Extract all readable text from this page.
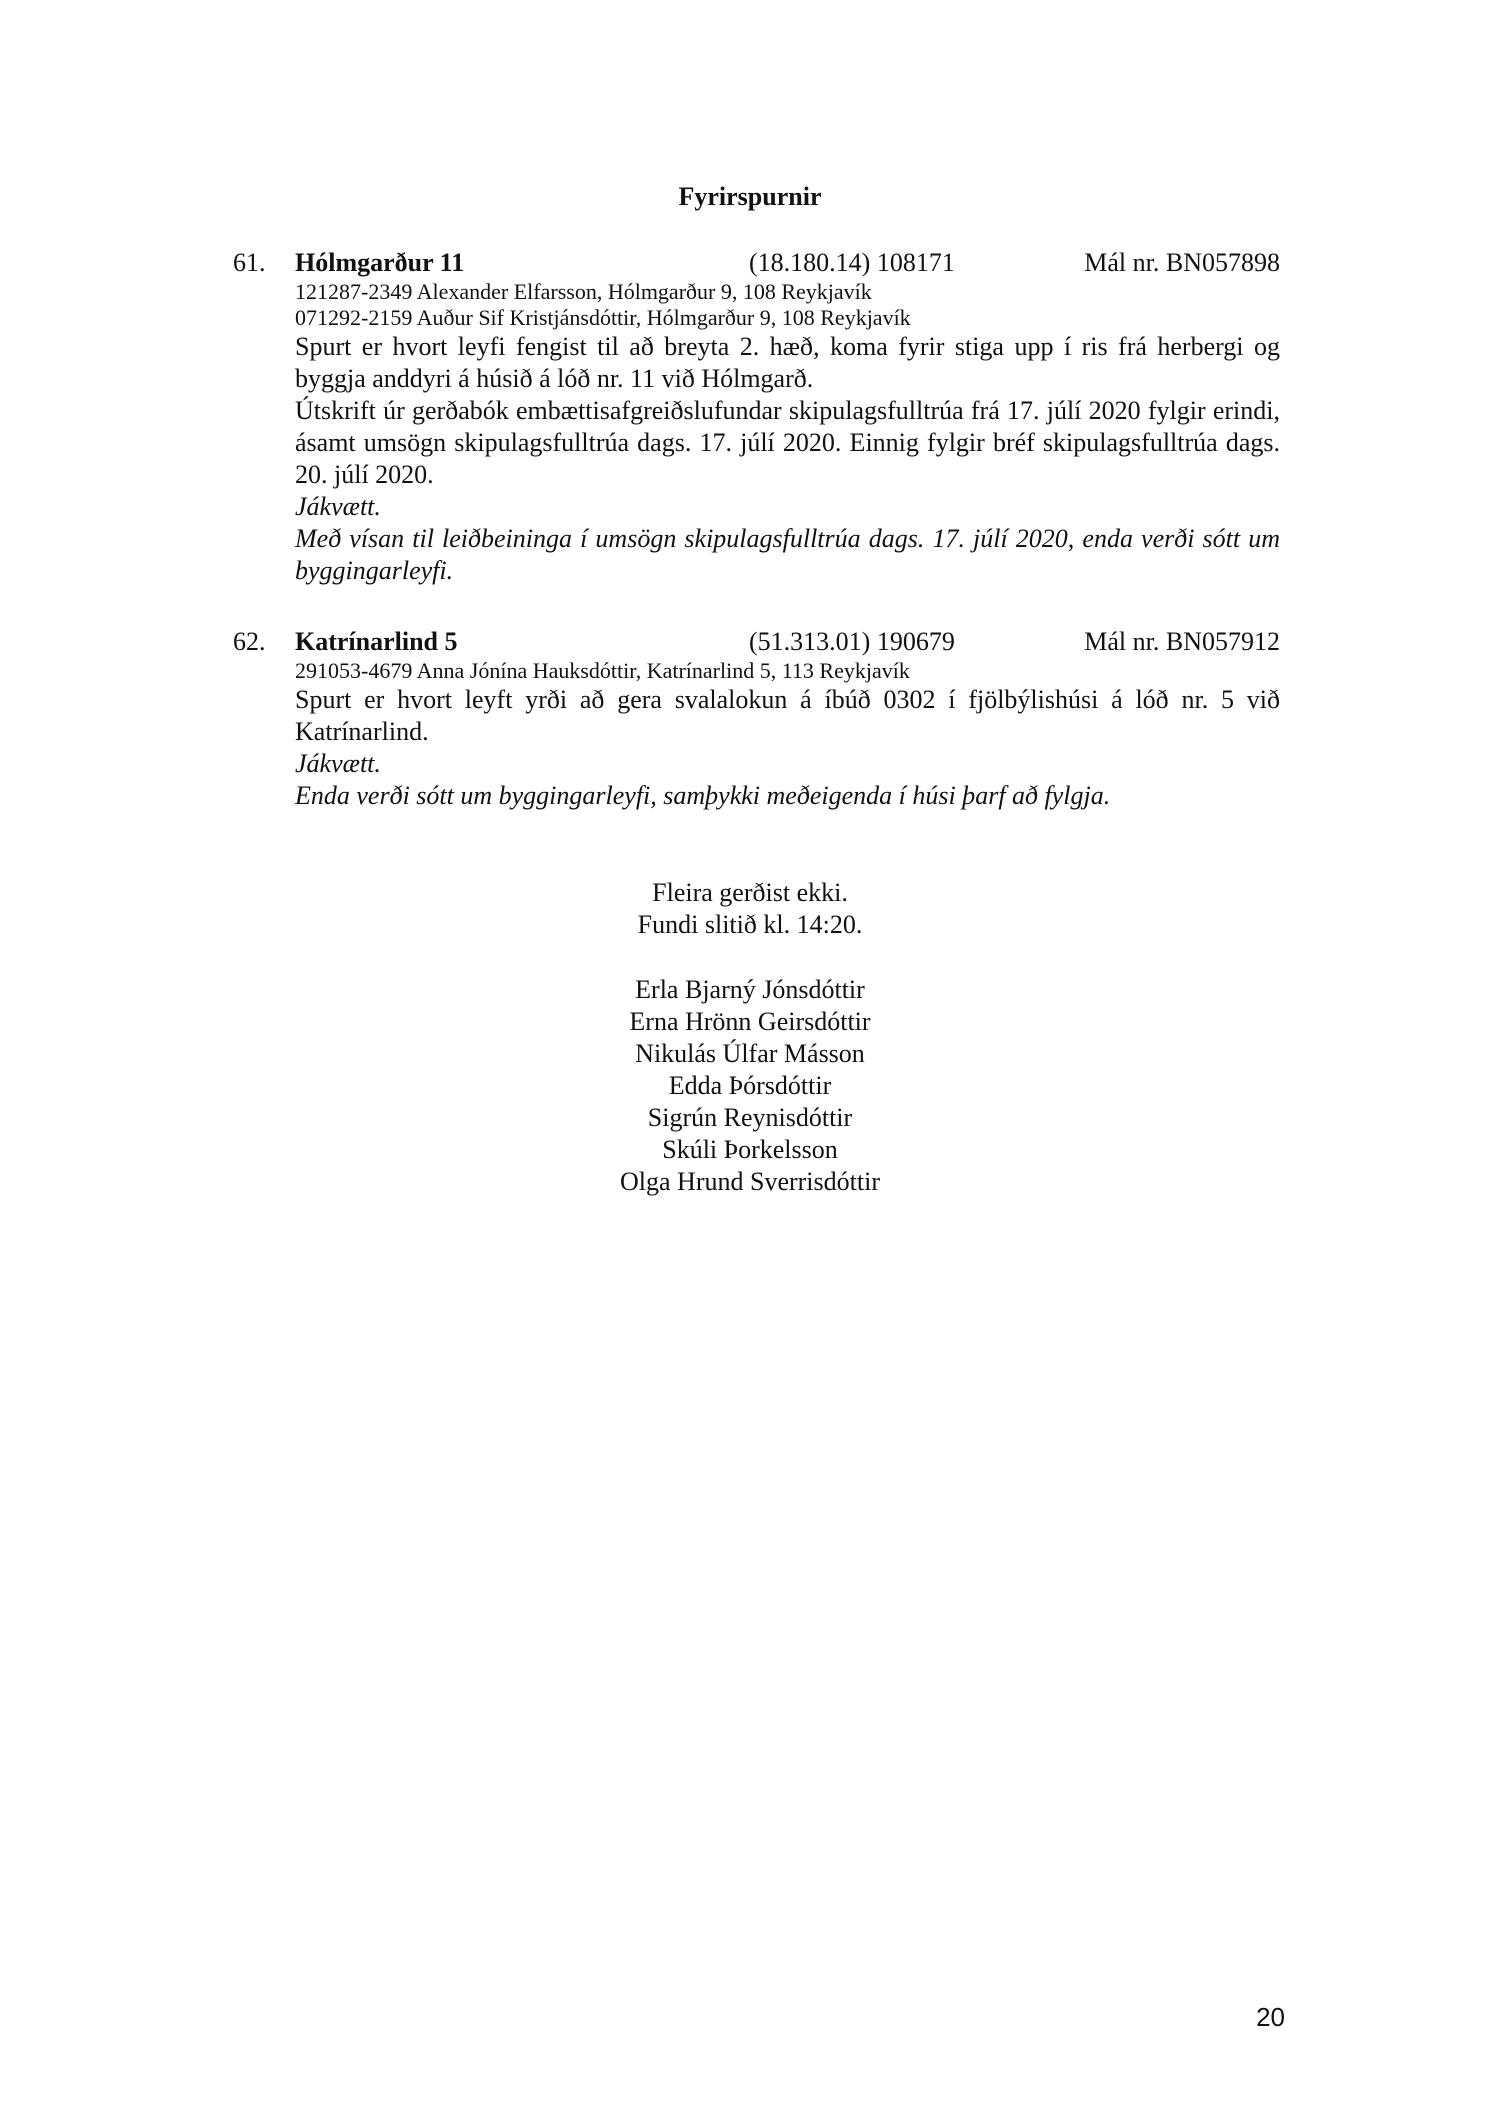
Fyrirspurnir
61. Hólmgarður 11	(18.180.14) 108171	Mál nr. BN057898
121287-2349 Alexander Elfarsson, Hólmgarður 9, 108 Reykjavík
071292-2159 Auður Sif Kristjánsdóttir, Hólmgarður 9, 108 Reykjavík
Spurt er hvort leyfi fengist til að breyta 2. hæð, koma fyrir stiga upp í ris frá herbergi og byggja anddyri á húsið á lóð nr. 11 við Hólmgarð.
Útskrift úr gerðabók embættisafgreiðslufundar skipulagsfulltrúa frá 17. júlí 2020 fylgir erindi, ásamt umsögn skipulagsfulltrúa dags. 17. júlí 2020. Einnig fylgir bréf skipulagsfulltrúa dags. 20. júlí 2020.
Jákvætt.
Með vísan til leiðbeininga í umsögn skipulagsfulltrúa dags. 17. júlí 2020, enda verði sótt um byggingarleyfi.
62. Katrínarlind 5	(51.313.01) 190679	Mál nr. BN057912
291053-4679 Anna Jónína Hauksdóttir, Katrínarlind 5, 113 Reykjavík
Spurt er hvort leyft yrði að gera svalalokun á íbúð 0302 í fjölbýlishúsi á lóð nr. 5 við Katrínarlind.
Jákvætt.
Enda verði sótt um byggingarleyfi, samþykki meðeigenda í húsi þarf að fylgja.
Fleira gerðist ekki.
Fundi slitið kl. 14:20.
Erla Bjarný Jónsdóttir
Erna Hrönn Geirsdóttir
Nikulás Úlfar Másson
Edda Þórsdóttir
Sigrún Reynisdóttir
Skúli Þorkelsson
Olga Hrund Sverrisdóttir
20
